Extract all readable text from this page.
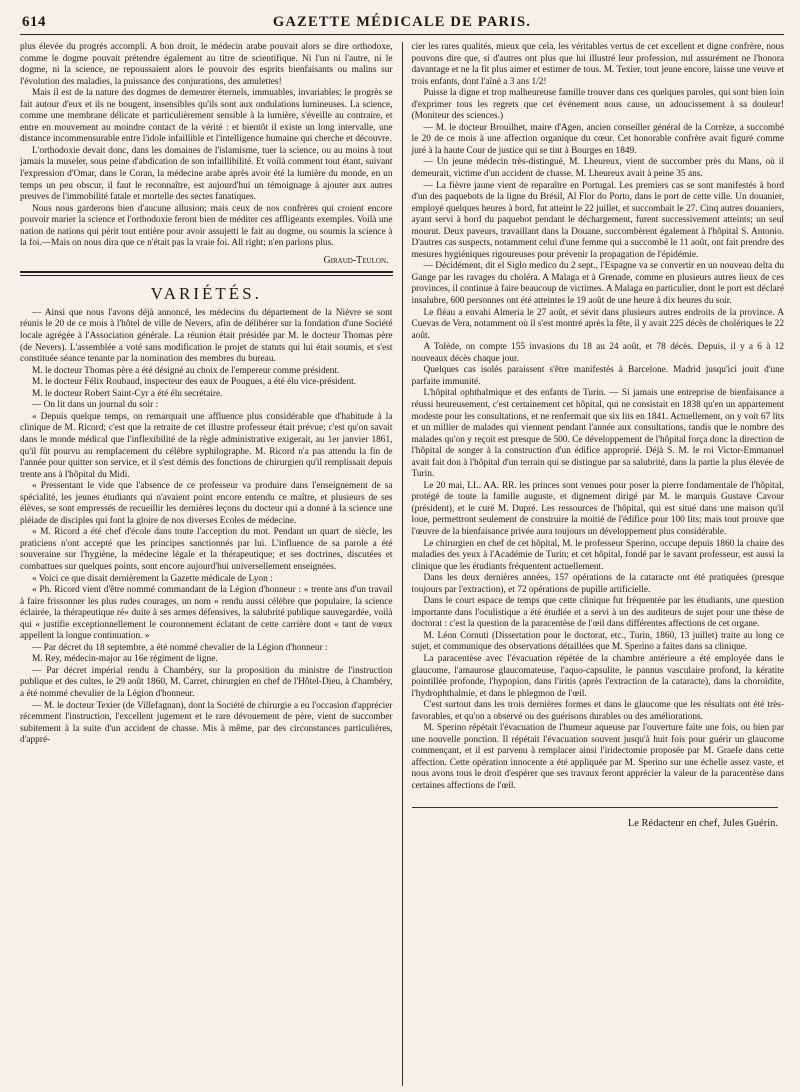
614	GAZETTE MÉDICALE DE PARIS.

plus élevée du progrès accompli. A bon droit, le médecin arabe pouvait alors se dire orthodoxe, comme le dogme pouvait prétendre également au titre de scientifique. Ni l'un ni l'autre, ni le dogme, ni la science, ne repoussaient alors le pouvoir des esprits bienfaisants ou malins sur l'évolution des maladies, la puissance des conjurations, des amulettes!

Mais il est de la nature des dogmes de demeurer éternels, immuables, invariables; le progrès se fait autour d'eux et ils ne bougent, insensibles qu'ils sont aux ondulations lumineuses. La science, comme une membrane délicate et particulièrement sensible à la lumière, s'éveille au contraire, et entre en mouvement au moindre contact de la vérité : et bientôt il existe un long intervalle, une distance incommensurable entre l'idole infaillible et l'intelligence humaine qui cherche et découvre.

L'orthodoxie devait donc, dans les domaines de l'islamisme, tuer la science, ou au moins à tout jamais la museler, sous peine d'abdication de son infaillibilité. Et voilà comment tout étant, suivant l'expression d'Omar, dans le Coran, la médecine arabe après avoir été la lumière du monde, en un temps un peu obscur, il faut le reconnaître, est aujourd'hui un témoignage à ajouter aux autres preuves de l'immobilité fatale et mortelle des sectes fanatiques.

Nous nous garderons bien d'aucune allusion; mais ceux de nos confrères qui croient encore pouvoir marier la science et l'orthodoxie feront bien de méditer ces affligeants exemples. Voilà une nation de nations qui périt tout entière pour avoir assujetti le fait au dogme, ou soumis la science à la foi.—Mais on nous dira que ce n'était pas la vraie foi. All right; n'en parlons plus.

Giraud-Teulon.
VARIÉTÉS.

— Ainsi que nous l'avons déjà annoncé, les médecins du département de la Nièvre se sont réunis le 20 de ce mois à l'hôtel de ville de Nevers, afin de délibérer sur la fondation d'une Société locale agrégée à l'Association générale. La réunion était présidée par M. le docteur Thomas père (de Nevers). L'assemblée a voté sans modification le projet de statuts qui lui était soumis, et s'est constituée séance tenante par la nomination des membres du bureau.

M. le docteur Thomas père a été désigné au choix de l'empereur comme président.

M. le docteur Félix Roubaud, inspecteur des eaux de Pougues, a été élu vice-président.

M. le docteur Robert Saint-Cyr a été élu secrétaire.

— On lit dans un journal du soir :

« Depuis quelque temps, on remarquait une affluence plus considérable que d'habitude à la clinique de M. Ricord; c'est que la retraite de cet illustre professeur était prévue; c'est qu'on savait dans le monde médical que l'inflexibilité de la règle administrative exigerait, au 1er janvier 1861, qu'il fût pourvu au remplacement du célèbre syphilographe. M. Ricord n'a pas attendu la fin de l'année pour quitter son service, et il s'est démis des fonctions de chirurgien qu'il remplissait depuis trente ans à l'hôpital du Midi.

« Pressentant le vide que l'absence de ce professeur va produire dans l'enseignement de sa spécialité, les jeunes étudiants qui n'avaient point encore entendu ce maître, et plusieurs de ses élèves, se sont empressés de recueillir les dernières leçons du docteur qui a donné à la science une pléiade de disciples qui font la gloire de nos diverses Ecoles de médecine.

« M. Ricord a été chef d'école dans toute l'acception du mot. Pendant un quart de siècle, les praticiens n'ont accepté que les principes sanctionnés par lui. L'influence de sa parole a été souveraine sur l'hygiène, la médecine légale et la thérapeutique; et ses doctrines, discutées et combattues sur quelques points, sont encore aujourd'hui universellement enseignées.

« Voici ce que disait dernièrement la Gazette médicale de Lyon :

« Ph. Ricord vient d'être nommé commandant de la Légion d'honneur : « trente ans d'un travail à faire frissonner les plus rudes courages, un nom « rendu aussi célèbre que populaire, la science éclairée, la thérapeutique ré« duite à ses armes défensives, la salubrité publique sauvegardée, voilà qui « justifie exceptionnellement le couronnement éclatant de cette carrière dont « tant de vœux appellent la longue continuation. »

— Par décret du 18 septembre, a été nommé chevalier de la Légion d'honneur :

M. Rey, médecin-major au 16e régiment de ligne.

— Par décret impérial rendu à Chambéry, sur la proposition du ministre de l'instruction publique et des cultes, le 29 août 1860, M. Carret, chirurgien en chef de l'Hôtel-Dieu, à Chambéry, a été nommé chevalier de la Légion d'honneur.

— M. le docteur Texier (de Villefagnan), dont la Société de chirurgie a eu l'occasion d'apprécier récemment l'instruction, l'excellent jugement et le rare dévouement de père, vient de succomber subitement à la suite d'un accident de chasse. Mis à même, par des circonstances particulières, d'appré-

cier les rares qualités, mieux que cela, les véritables vertus de cet excellent et digne confrère, nous pouvons dire que, si d'autres ont plus que lui illustré leur profession, nul assurément ne l'honora davantage et ne la fit plus aimer et estimer de tous. M. Texier, tout jeune encore, laisse une veuve et trois enfants, dont l'aîné a 3 ans 1/2!

Puisse la digne et trop malheureuse famille trouver dans ces quelques paroles, qui sont bien loin d'exprimer tous les regrets que cet événement nous cause, un adoucissement à sa douleur! (Moniteur des sciences.)

— M. le docteur Brouilhet, maire d'Agen, ancien conseiller général de la Corrèze, a succombé le 20 de ce mois à une affection organique du cœur. Cet honorable confrère avait figuré comme juré à la haute Cour de justice qui se tint à Bourges en 1849.

— Un jeune médecin très-distingué, M. Lheureux, vient de succomber près du Mans, où il demeurait, victime d'un accident de chasse. M. Lheureux avait à peine 35 ans.

— La fièvre jaune vient de reparaître en Portugal. Les premiers cas se sont manifestés à bord d'un des paquebots de la ligne du Brésil, Al Flor do Porto, dans le port de cette ville. Un douanier, employé quelques heures à bord, fut atteint le 22 juillet, et succombait le 27. Cinq autres douaniers, ayant servi à bord du paquebot pendant le déchargement, furent successivement atteints; un seul mourut. Deux paveurs, travaillant dans la Douane, succombèrent également à l'hôpital S. Antonio. D'autres cas suspects, notamment celui d'une femme qui a succombé le 11 août, ont fait prendre des mesures hygiéniques rigoureuses pour prévenir la propagation de l'épidémie.

— Décidément, dit el Siglo medico du 2 sept., l'Espagne va se convertir en un nouveau delta du Gange par les ravages du choléra. A Malaga et à Grenade, comme en plusieurs autres lieux de ces provinces, il continue à faire beaucoup de victimes. A Malaga en particulier, dont le port est déclaré insalubre, 600 personnes ont été atteintes le 19 août de une heure à dix heures du soir.

Le fléau a envahi Almeria le 27 août, et sévit dans plusieurs autres endroits de la province. A Cuevas de Vera, notamment où il s'est montré après la fête, il y avait 225 décès de cholériques le 22 août.

A Tolède, on compte 155 invasions du 18 au 24 août, et 78 décès. Depuis, il y a 6 à 12 nouveaux décès chaque jour.

Quelques cas isolés paraissent s'être manifestés à Barcelone. Madrid jusqu'ici jouit d'une parfaite immunité.

L'hôpital ophthalmique et des enfants de Turin. — Si jamais une entreprise de bienfaisance a réussi heureusement, c'est certainement cet hôpital, qui ne consistait en 1838 qu'en un appartement modeste pour les consultations, et ne renfermait que six lits en 1841. Actuellement, on y voit 67 lits et un millier de malades qui viennent pendant l'année aux consultations, tandis que le nombre des malades qu'on y reçoit est presque de 500. Ce développement de l'hôpital força donc la direction de l'hôpital de songer à la construction d'un édifice approprié. Déjà S. M. le roi Victor-Emmanuel avait fait don à l'hôpital d'un terrain qui se distingue par sa salubrité, dans la partie la plus élevée de Turin.

Le 20 mai, LL. AA. RR. les princes sont venues pour poser la pierre fondamentale de l'hôpital, protégé de toute la famille auguste, et dignement dirigé par M. le marquis Gustave Cavour (président), et le curé M. Dupré. Les ressources de l'hôpital, qui est situé dans une maison qu'il loue, permettront seulement de construire la moitié de l'édifice pour 100 lits; mais tout prouve que l'œuvre de la bienfaisance privée aura toujours un développement plus considérable.

Le chirurgien en chef de cet hôpital, M. le professeur Sperino, occupe depuis 1860 la chaire des maladies des yeux à l'Académie de Turin; et cet hôpital, fondé par le savant professeur, est aussi la clinique que les étudiants fréquentent actuellement.

Dans les deux dernières années, 157 opérations de la cataracte ont été pratiquées (presque toujours par l'extraction), et 72 opérations de pupille artificielle.

Dans le court espace de temps que cette clinique fut fréquentée par les étudiants, une question importante dans l'oculistique a été étudiée et a servi à un des auditeurs de sujet pour une thèse de doctorat : c'est la question de la paracentèse de l'œil dans différentes affections de cet organe.

M. Léon Cornuti (Dissertation pour le doctorat, etc., Turin, 1860, 13 juillet) traite au long ce sujet, et communique des observations détaillées que M. Sperino a faites dans sa clinique.

La paracentèse avec l'évacuation répétée de la chambre antérieure a été employée dans le glaucome, l'amaurose glaucomateuse, l'aquo-capsulite, le pannus vasculaire profond, la kératite pointillée profonde, l'hypopion, dans l'iritis (après l'extraction de la cataracte), dans la choroïdite, l'hydrophthalmie, et dans le phlegmon de l'œil.

C'est surtout dans les trois dernières formes et dans le glaucome que les résultats ont été très-favorables, et qu'on a observé ou des guérisons durables ou des améliorations.

M. Sperino répétait l'évacuation de l'humeur aqueuse par l'ouverture faite une fois, ou bien par une nouvelle ponction. Il répétait l'évacuation souvent jusqu'à huit fois pour guérir un glaucome commençant, et il est parvenu à remplacer ainsi l'iridectomie proposée par M. Graefe dans cette affection. Cette opération innocente a été appliquée par M. Sperino sur une échelle assez vaste, et nous avons tous le droit d'espérer que ses travaux feront apprécier la valeur de la paracentèse dans certaines affections de l'œil.

Le Rédacteur en chef, Jules Guérin.
